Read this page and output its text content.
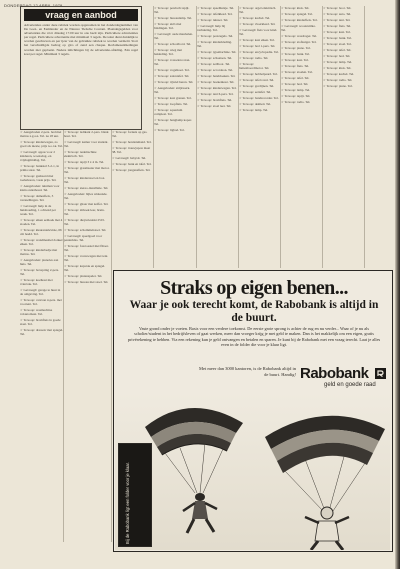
DONDERDAG 12 APRIL 1979
vraag en aanbod
Advertenties onder deze rubriek worden opgenomen in het donderdagnummer van De Gooi- en Eemlander en de Nieuwe Tielsche Courant. Plaatsingsgelden voor advertenties die vóór dinsdag 17.00 uur in ons bezit zijn. Particuliere advertenties per regel. Particuliere advertentie met minimaal 3 regels. De tekst dient duidelijk te worden geschreven en per ijzer van de gebruikte rubriek te worden vermeld. Stort het verschuldigde bedrag op giro of zend een cheque. Reclameaanbiedingen worden niet geplaatst. Nadere inlichtingen bij de advertentie-afdeling. Eén regel kost per regel. Minimaal 3 regels.
☆ Aangeboden 2-pers. bed met matras z.g.a.n. Tel. na 18 uur.
☆ Te koop: kinderwagen, zo goed als nieuw, prijs n.o.t.k. Tel.
☆ Gevraagd: oppas voor 2 kinderen, woensdag- en vrijdagmiddag. Tel.
☆ Te koop: bankstel 3-2-1, in prima staat. Tel.
☆ Te koop: gashaard met toebehoren, vaste prijs. Tel.
☆ Aangeboden: tuinman voor klein onderhoud. Tel.
☆ Te koop: damesfiets, 3 versnellingen. Tel.
☆ Gevraagd: hulp in de huishouding, 1 ochtend per week. Tel.
☆ Te koop: eiken eethoek met 4 stoelen. Tel.
☆ Te koop: kleurentelevisie, 66 cm beeld. Tel.
☆ Te koop: wandmeubel donker eiken. Tel.
☆ Te koop: kinderbedje met matras. Tel.
☆ Aangeboden: pianoles aan huis. Tel.
☆ Te koop: boxspring 2-pers. Tel.
☆ Te koop: koelkast met vriesvak. Tel.
☆ Gevraagd: garage te huur in de omgeving. Tel.
☆ Te koop: caravan 4-pers. met voortent. Tel.
☆ Te koop: wasmachine volautomaat. Tel.
☆ Te koop: bromfiets in goede staat. Tel.
☆ Te koop: dressoir met spiegel. Tel.
☆ Te koop: ledikant 2-pers. blank hout. Tel.
☆ Gevraagd: kamer voor student. Tel.
☆ Te koop: naaimachine elektrisch. Tel.
☆ Te koop: tapijt 3 x 4 m. Tel.
☆ Te koop: grasmaaier met motor. Tel.
☆ Te koop: kinderstoel en box. Tel.
☆ Te koop: stereo-installatie. Tel.
☆ Aangeboden: bijles wiskunde. Tel.
☆ Te koop: gitaar met koffer. Tel.
☆ Te koop: zithoek leer, bruin. Tel.
☆ Te koop: diepvrieskist 250 l. Tel.
☆ Te koop: schommelstoel. Tel.
☆ Gevraagd: speelgoed voor peuterklas. Tel.
☆ Te koop: fototoestel met flitser. Tel.
☆ Te koop: vouwwagen met tent. Tel.
☆ Te koop: kapstok en spiegel. Tel.
☆ Te koop: platenspeler. Tel.
☆ Te koop: bureau met stoel. Tel.
☆ Te koop: fornuis op gas. Tel.
☆ Te koop: hondenmand. Tel.
☆ Te koop: trouwjapon maat 38. Tel.
☆ Gevraagd: babysit. Tel.
☆ Te koop: bank en tafel. Tel.
☆ Te koop: jongensfiets. Tel.
☆ Te koop: perzisch tapijt. Tel.
☆ Te koop: bureaulamp. Tel.
☆ Te koop: ski's met bindingen. Tel.
☆ Gevraagd: oude meubelen. Tel.
☆ Te koop: schoolbord. Tel.
☆ Te koop: wieg met bekleding. Tel.
☆ Te koop: 4 stoelen rotan. Tel.
☆ Te koop: vogelkooi. Tel.
☆ Te koop: salontafel. Tel.
☆ Te koop: rijwiel heren. Tel.
☆ Aangeboden: strijkwerk. Tel.
☆ Te koop: kast grenen. Tel.
☆ Te koop: loopfiets. Tel.
☆ Te koop: aquarium compleet. Tel.
☆ Te koop: hanglamp koper. Tel.
☆ Te koop: ligbad. Tel.
☆ Te koop: speelhuisje. Tel.
☆ Te koop: tafelkleed. Tel.
☆ Te koop: tuinset. Tel.
☆ Gevraagd: hulp bij verhuizing. Tel.
☆ Te koop: postzegels. Tel.
☆ Te koop: kinderkleding. Tel.
☆ Te koop: typemachine. Tel.
☆ Te koop: schaatsen. Tel.
☆ Te koop: zeilboot. Tel.
☆ Te koop: accordeon. Tel.
☆ Te koop: handdoeken. Tel.
☆ Te koop: boekenkast. Tel.
☆ Te koop: kinderwagen. Tel.
☆ Te koop: tent 6-pers. Tel.
☆ Te koop: bromfiets. Tel.
☆ Te koop: stoel leer. Tel.
☆ Te koop: orgel elektrisch. Tel.
☆ Te koop: kachel. Tel.
☆ Te koop: vloerkleed. Tel.
☆ Gevraagd: fiets voor kind. Tel.
☆ Te koop: kast eiken. Tel.
☆ Te koop: bed 1-pers. Tel.
☆ Te koop: encyclopedie. Tel.
☆ Te koop: radio. Tel.
☆ Te koop: buitenboordmotor. Tel.
☆ Te koop: hobbelpaard. Tel.
☆ Te koop: tafel rond. Tel.
☆ Te koop: gordijnen. Tel.
☆ Te koop: eettafel. Tel.
☆ Te koop: bandrecorder. Tel.
☆ Te koop: dekbed. Tel.
☆ Te koop: lamp. Tel.
☆ Te koop: klok. Tel.
☆ Te koop: spiegel. Tel.
☆ Te koop: kinderfiets. Tel.
☆ Gevraagd: woonruimte. Tel.
☆ Te koop: wasdroger. Tel.
☆ Te koop: stofzuiger. Tel.
☆ Te koop: piano. Tel.
☆ Te koop: bank. Tel.
☆ Te koop: kast. Tel.
☆ Te koop: fiets. Tel.
☆ Te koop: stoelen. Tel.
☆ Te koop: tafel. Tel.
☆ Te koop: bed. Tel.
☆ Te koop: lamp. Tel.
☆ Te koop: tapijt. Tel.
☆ Te koop: radio. Tel.
☆ Te koop: boot. Tel.
☆ Te koop: auto. Tel.
☆ Te koop: tent. Tel.
☆ Te koop: fiets. Tel.
☆ Te koop: kast. Tel.
☆ Te koop: bank. Tel.
☆ Te koop: stoel. Tel.
☆ Te koop: tafel. Tel.
☆ Te koop: bed. Tel.
☆ Te koop: lamp. Tel.
☆ Te koop: klok. Tel.
☆ Te koop: kachel. Tel.
☆ Te koop: radio. Tel.
☆ Te koop: piano. Tel.
Straks op eigen benen...
Waar je ook terecht komt, de Rabobank is altijd in de buurt.
Vaste grond onder je voeten. Basis voor een verdere toekomst. De eerste grote sprong is achter de rug en nu verder... Waar of je nu als scholier/student in het bedrijfsleven of gaat werken, meer dan vroeger krijg je met geld te maken. Dan is het makkelijk om een eigen, gratis privérekening te hebben. Via een rekening kun je geld ontvangen en betalen en sparen. Je kunt bij de Rabobank met een vraag terecht. Laat je alles even in de folder die voor je klaar ligt.
Met meer dan 3000 kantoren, is de Rabobank altijd in de buurt. Handig! Rabobank
geld en goede raad
Bij de Rabobank ligt een folder voor je klaar.
